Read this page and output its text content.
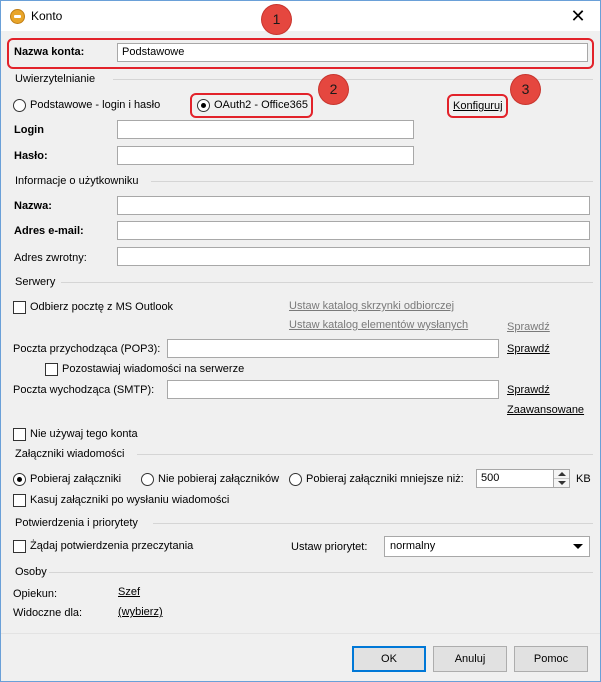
Konto	✕
Nazwa konta:	Podstawowe
Uwierzytelnianie
Podstawowe - login i hasło	OAuth2 - Office365	Konfiguruj
Login
Hasło:
Informacje o użytkowniku
Nazwa:
Adres e-mail:
Adres zwrotny:
Serwery
Odbierz pocztę z MS Outlook	Ustaw katalog skrzynki odbiorczej
Ustaw katalog elementów wysłanych	Sprawdź
Poczta przychodząca (POP3):	Sprawdź
Pozostawiaj wiadomości na serwerze
Poczta wychodząca (SMTP):	Sprawdź
Zaawansowane
Nie używaj tego konta
Załączniki wiadomości
Pobieraj załączniki	Nie pobieraj załączników Pobieraj załączniki mniejsze niż:	500	KB
Kasuj załączniki po wysłaniu wiadomości
Potwierdzenia i priorytety
Żądaj potwierdzenia przeczytania	Ustaw priorytet:	normalny
Osoby
Opiekun:	Szef
Widoczne dla:	(wybierz)
OK	Anuluj	Pomoc
1
2	3
